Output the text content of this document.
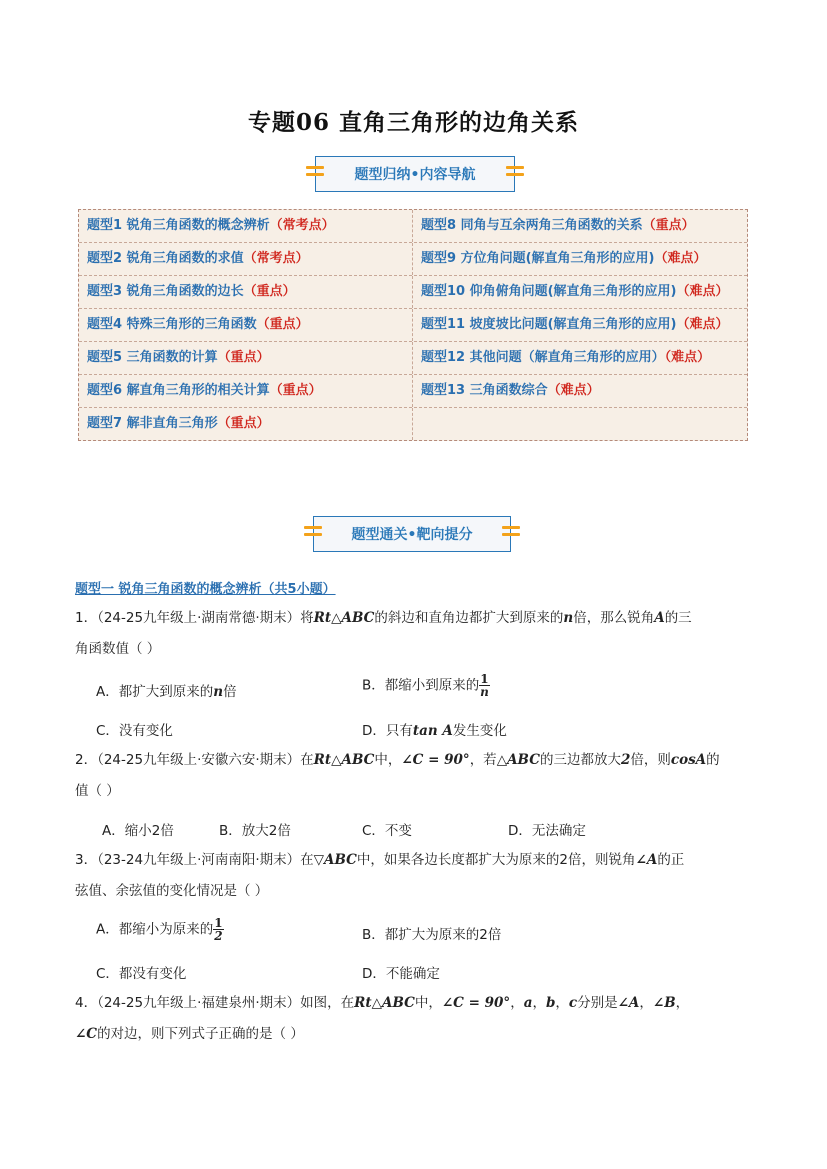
专题06 直角三角形的边角关系
题型归纳•内容导航
题型1 锐角三角函数的概念辨析（常考点）	题型8 同角与互余两角三角函数的关系（重点）
题型2 锐角三角函数的求值（常考点）	题型9 方位角问题(解直角三角形的应用)（难点）
题型3 锐角三角函数的边长（重点）	题型10 仰角俯角问题(解直角三角形的应用)（难点）
题型4 特殊三角形的三角函数（重点）	题型11 坡度坡比问题(解直角三角形的应用)（难点）
题型5 三角函数的计算（重点）	题型12 其他问题（解直角三角形的应用）（难点）
题型6 解直角三角形的相关计算（重点）	题型13 三角函数综合（难点）
题型7 解非直角三角形（重点）
题型通关•靶向提分
题型一 锐角三角函数的概念辨析（共5小题）
1．（24-25九年级上·湖南常德·期末）将Rt△ABC的斜边和直角边都扩大到原来的n倍，那么锐角A的三
角函数值（ ）
A．都扩大到原来的n倍	B．都缩小到原来的 $\frac{1}{n}$
C．没有变化	D．只有tan A发生变化
2．（24-25九年级上·安徽六安·期末）在Rt△ABC中，∠C = 90°，若△ABC的三边都放大2倍，则cosA的
值（ ）
A．缩小2倍	B．放大2倍	C．不变	D．无法确定
3．（23-24九年级上·河南南阳·期末）在▽ABC中，如果各边长度都扩大为原来的2倍，则锐角∠A的正
弦值、余弦值的变化情况是（ ）
A．都缩小为原来的 $\frac{1}{2}$	B．都扩大为原来的2倍
C．都没有变化	D．不能确定
4．（24-25九年级上·福建泉州·期末）如图，在Rt△ABC中，∠C = 90°，a，b，c分别是∠A，∠B，
∠C的对边，则下列式子正确的是（ ）
